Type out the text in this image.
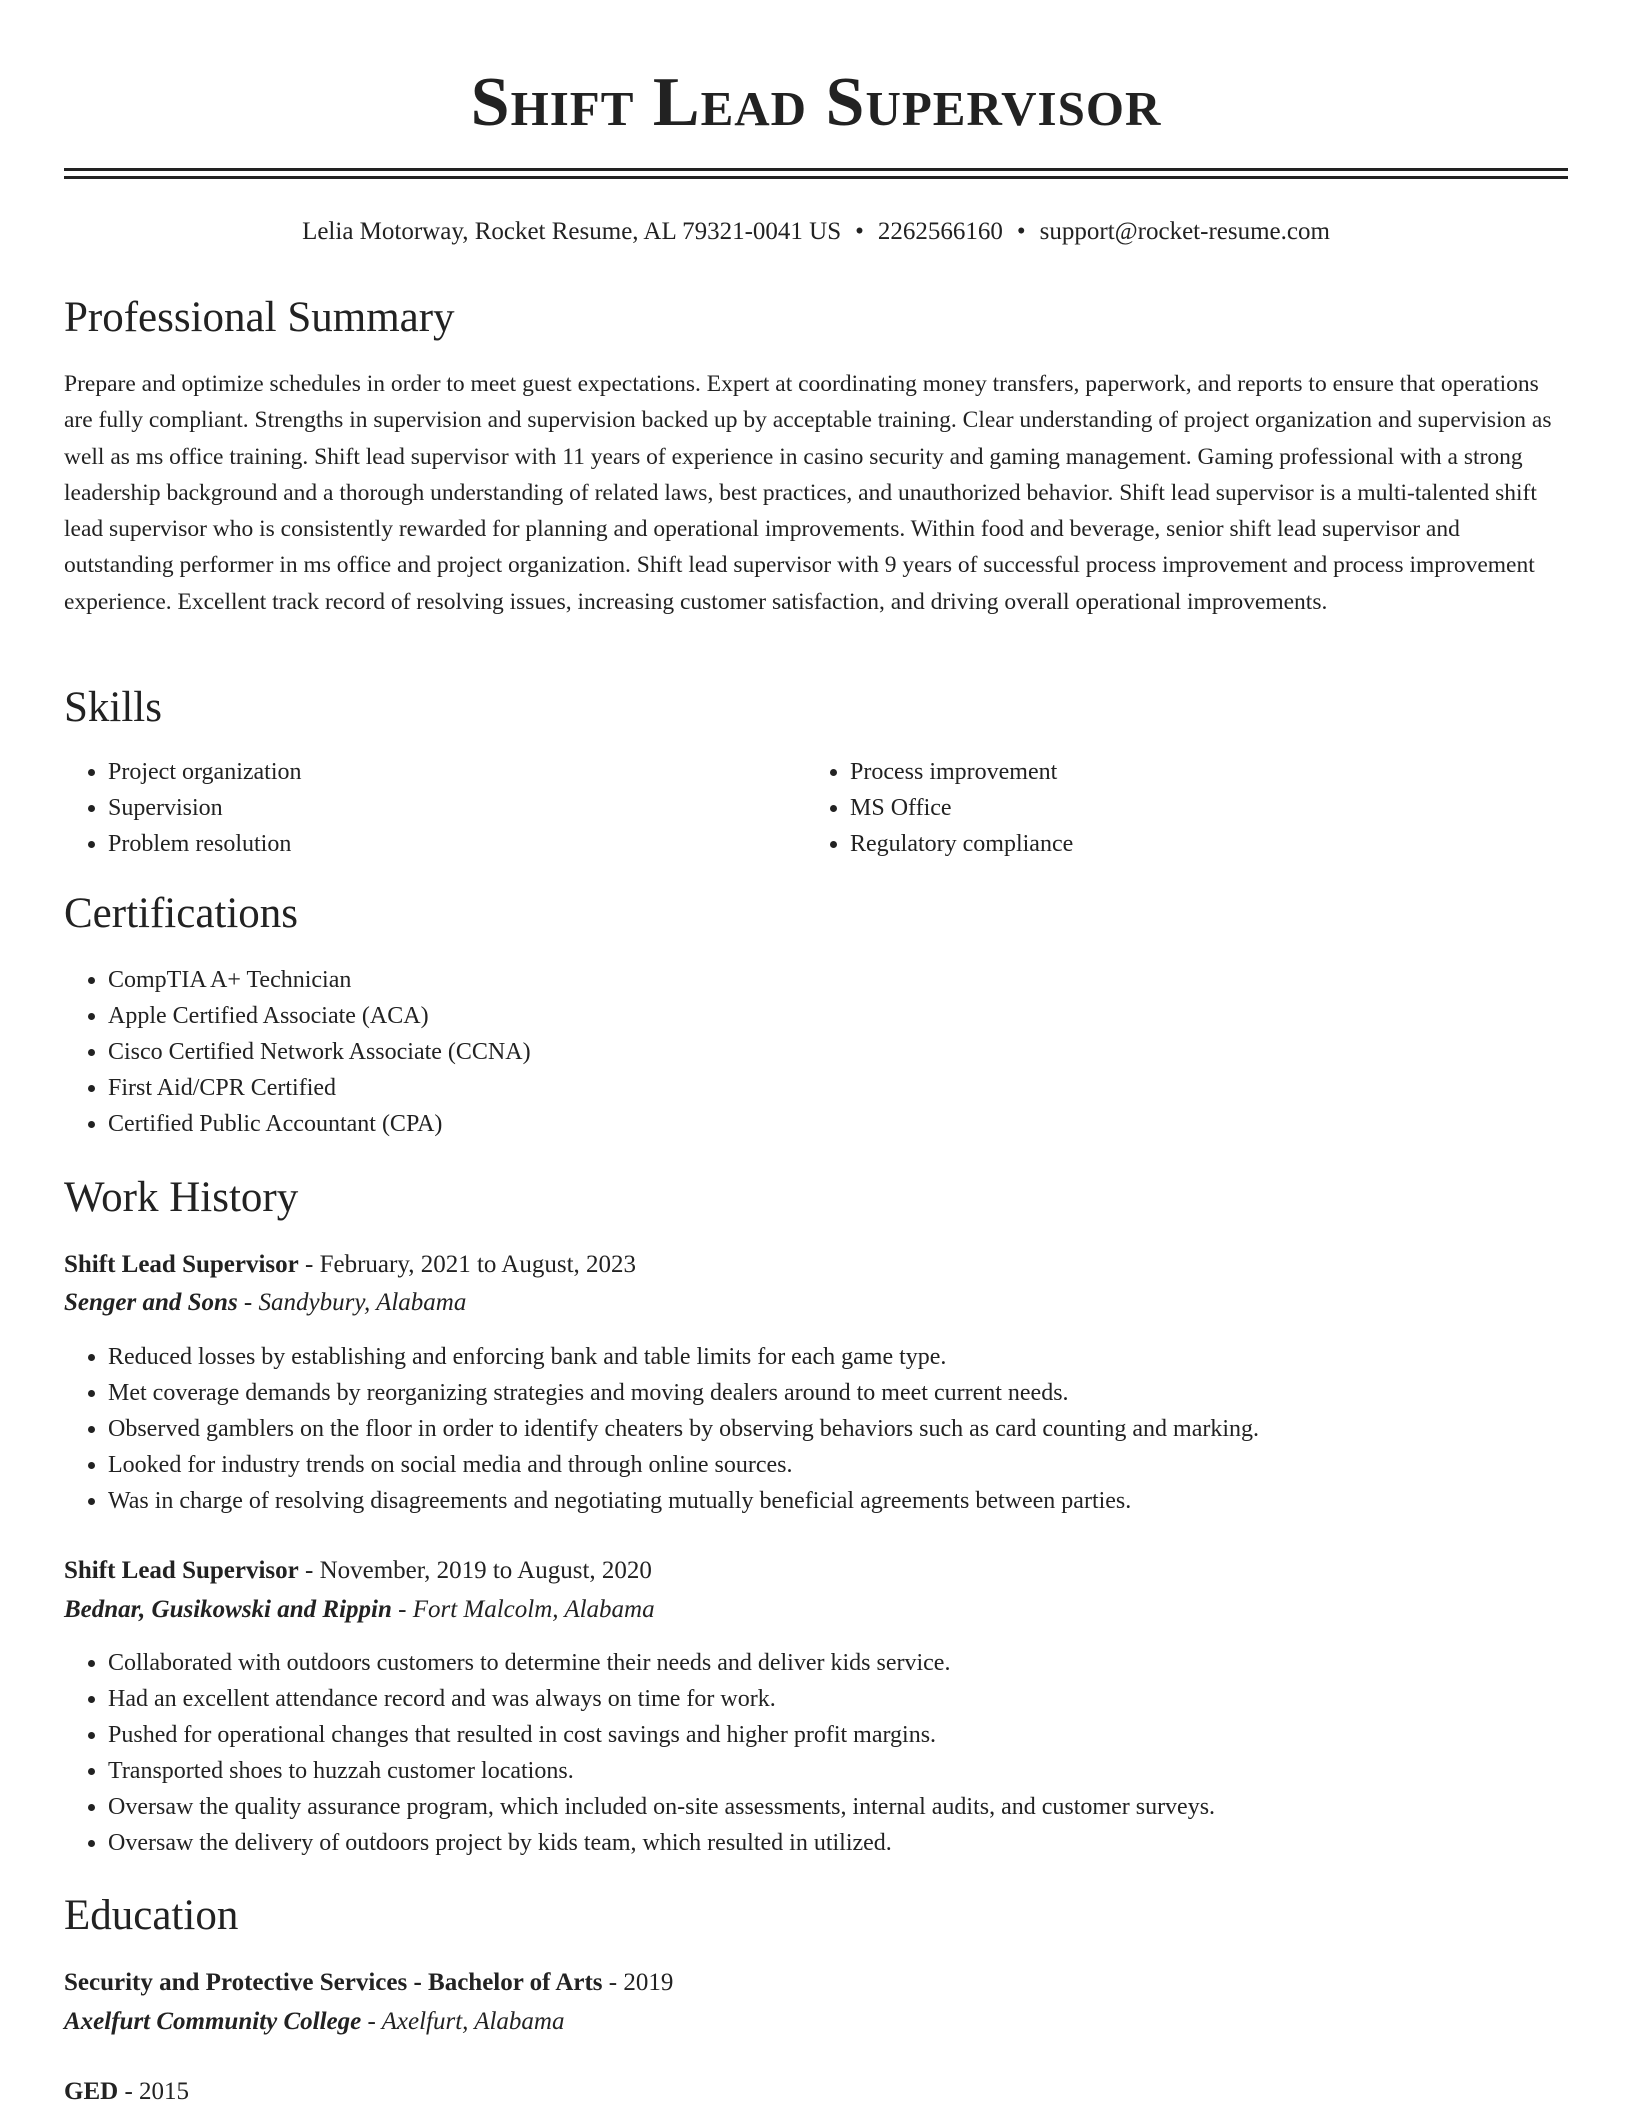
Shift Lead Supervisor
Lelia Motorway, Rocket Resume, AL 79321-0041 US • 2262566160 • support@rocket-resume.com
Professional Summary

Prepare and optimize schedules in order to meet guest expectations. Expert at coordinating money transfers, paperwork, and reports to ensure that operations are fully compliant. Strengths in supervision and supervision backed up by acceptable training. Clear understanding of project organization and supervision as well as ms office training. Shift lead supervisor with 11 years of experience in casino security and gaming management. Gaming professional with a strong leadership background and a thorough understanding of related laws, best practices, and unauthorized behavior. Shift lead supervisor is a multi-talented shift lead supervisor who is consistently rewarded for planning and operational improvements. Within food and beverage, senior shift lead supervisor and outstanding performer in ms office and project organization. Shift lead supervisor with 9 years of successful process improvement and process improvement experience. Excellent track record of resolving issues, increasing customer satisfaction, and driving overall operational improvements.

Skills
• Project organization
• Supervision
• Problem resolution
• Process improvement
• MS Office
• Regulatory compliance
Certifications
• CompTIA A+ Technician
• Apple Certified Associate (ACA)
• Cisco Certified Network Associate (CCNA)
• First Aid/CPR Certified
• Certified Public Accountant (CPA)
Work History
Shift Lead Supervisor - February, 2021 to August, 2023
Senger and Sons - Sandybury, Alabama
• Reduced losses by establishing and enforcing bank and table limits for each game type.
• Met coverage demands by reorganizing strategies and moving dealers around to meet current needs.
• Observed gamblers on the floor in order to identify cheaters by observing behaviors such as card counting and marking.
• Looked for industry trends on social media and through online sources.
• Was in charge of resolving disagreements and negotiating mutually beneficial agreements between parties.
Shift Lead Supervisor - November, 2019 to August, 2020
Bednar, Gusikowski and Rippin - Fort Malcolm, Alabama
• Collaborated with outdoors customers to determine their needs and deliver kids service.
• Had an excellent attendance record and was always on time for work.
• Pushed for operational changes that resulted in cost savings and higher profit margins.
• Transported shoes to huzzah customer locations.
• Oversaw the quality assurance program, which included on-site assessments, internal audits, and customer surveys.
• Oversaw the delivery of outdoors project by kids team, which resulted in utilized.
Education
Security and Protective Services - Bachelor of Arts - 2019
Axelfurt Community College - Axelfurt, Alabama
GED - 2015
